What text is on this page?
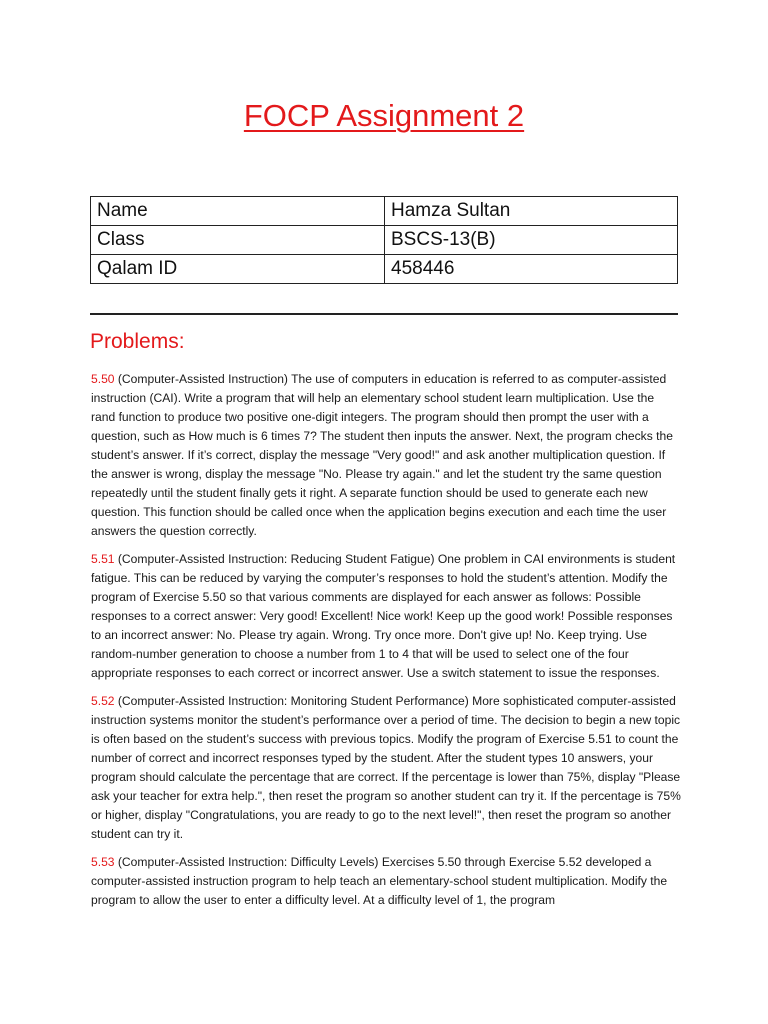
FOCP Assignment 2
Name	Hamza Sultan
Class	BSCS-13(B)
Qalam ID	458446
Problems:

5.50 (Computer-Assisted Instruction) The use of computers in education is referred to as computer-assisted instruction (CAI). Write a program that will help an elementary school student learn multiplication. Use the rand function to produce two positive one-digit integers. The program should then prompt the user with a question, such as How much is 6 times 7? The student then inputs the answer. Next, the program checks the student’s answer. If it’s correct, display the message "Very good!" and ask another multiplication question. If the answer is wrong, display the message "No. Please try again." and let the student try the same question repeatedly until the student finally gets it right. A separate function should be used to generate each new question. This function should be called once when the application begins execution and each time the user answers the question correctly.

5.51 (Computer-Assisted Instruction: Reducing Student Fatigue) One problem in CAI environments is student fatigue. This can be reduced by varying the computer’s responses to hold the student’s attention. Modify the program of Exercise 5.50 so that various comments are displayed for each answer as follows: Possible responses to a correct answer: Very good! Excellent! Nice work! Keep up the good work! Possible responses to an incorrect answer: No. Please try again. Wrong. Try once more. Don't give up! No. Keep trying. Use random-number generation to choose a number from 1 to 4 that will be used to select one of the four appropriate responses to each correct or incorrect answer. Use a switch statement to issue the responses.

5.52 (Computer-Assisted Instruction: Monitoring Student Performance) More sophisticated computer-assisted instruction systems monitor the student’s performance over a period of time. The decision to begin a new topic is often based on the student’s success with previous topics. Modify the program of Exercise 5.51 to count the number of correct and incorrect responses typed by the student. After the student types 10 answers, your program should calculate the percentage that are correct. If the percentage is lower than 75%, display "Please ask your teacher for extra help.", then reset the program so another student can try it. If the percentage is 75% or higher, display "Congratulations, you are ready to go to the next level!", then reset the program so another student can try it.

5.53 (Computer-Assisted Instruction: Difficulty Levels) Exercises 5.50 through Exercise 5.52 developed a computer-assisted instruction program to help teach an elementary-school student multiplication. Modify the program to allow the user to enter a difficulty level. At a difficulty level of 1, the program
